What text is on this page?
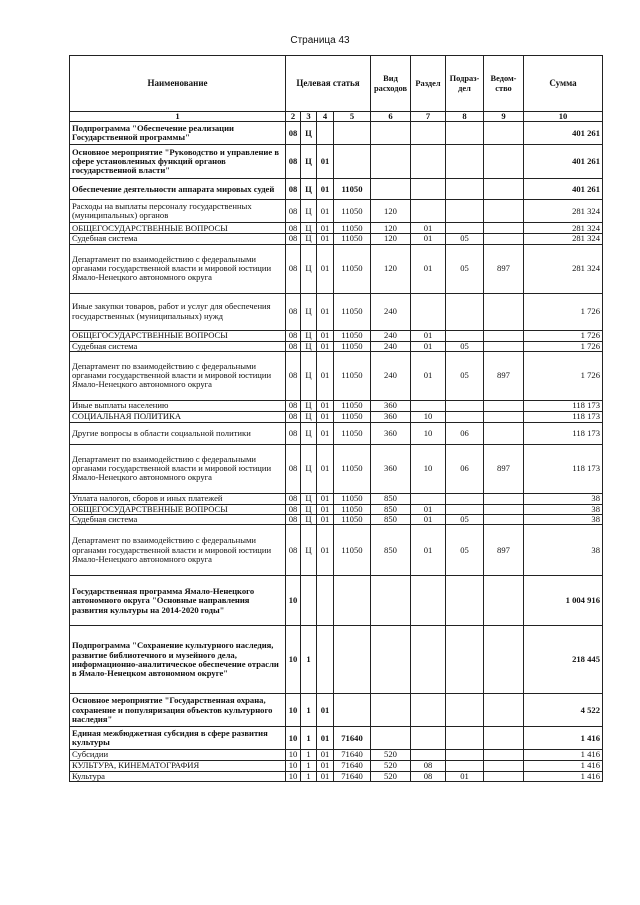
Страница 43
Наименование	Целевая статья				Вид расходов	Раздел	Подраз-дел	Ведом-ство	Сумма
1	2	3	4	5	6	7	8	9	10
Подпрограмма "Обеспечение реализации Государственной программы"	08	Ц							401 261
Основное мероприятие "Руководство и управление в сфере установленных функций органов государственной власти"	08	Ц	01						401 261
Обеспечение деятельности аппарата мировых судей	08	Ц	01	11050					401 261
Расходы на выплаты персоналу государственных (муниципальных) органов	08	Ц	01	11050	120				281 324
ОБЩЕГОСУДАРСТВЕННЫЕ ВОПРОСЫ	08	Ц	01	11050	120	01			281 324
Судебная система	08	Ц	01	11050	120	01	05		281 324
Департамент по взаимодействию с федеральными органами государственной власти и мировой юстиции Ямало-Ненецкого автономного округа	08	Ц	01	11050	120	01	05	897	281 324
Иные закупки товаров, работ и услуг для обеспечения государственных (муниципальных) нужд	08	Ц	01	11050	240				1 726
ОБЩЕГОСУДАРСТВЕННЫЕ ВОПРОСЫ	08	Ц	01	11050	240	01			1 726
Судебная система	08	Ц	01	11050	240	01	05		1 726
Департамент по взаимодействию с федеральными органами государственной власти и мировой юстиции Ямало-Ненецкого автономного округа	08	Ц	01	11050	240	01	05	897	1 726
Иные выплаты населению	08	Ц	01	11050	360				118 173
СОЦИАЛЬНАЯ ПОЛИТИКА	08	Ц	01	11050	360	10			118 173
Другие вопросы в области социальной политики	08	Ц	01	11050	360	10	06		118 173
Департамент по взаимодействию с федеральными органами государственной власти и мировой юстиции Ямало-Ненецкого автономного округа	08	Ц	01	11050	360	10	06	897	118 173
Уплата налогов, сборов и иных платежей	08	Ц	01	11050	850				38
ОБЩЕГОСУДАРСТВЕННЫЕ ВОПРОСЫ	08	Ц	01	11050	850	01			38
Судебная система	08	Ц	01	11050	850	01	05		38
Департамент по взаимодействию с федеральными органами государственной власти и мировой юстиции Ямало-Ненецкого автономного округа	08	Ц	01	11050	850	01	05	897	38
Государственная программа Ямало-Ненецкого автономного округа "Основные направления развития культуры на 2014-2020 годы"	10								1 004 916
Подпрограмма "Сохранение культурного наследия, развитие библиотечного и музейного дела, информационно-аналитическое обеспечение отрасли в Ямало-Ненецком автономном округе"	10	1							218 445
Основное мероприятие "Государственная охрана, сохранение и популяризация объектов культурного наследия"	10	1	01						4 522
Единая межбюджетная субсидия в сфере развития культуры	10	1	01	71640					1 416
Субсидии	10	1	01	71640	520				1 416
КУЛЬТУРА, КИНЕМАТОГРАФИЯ	10	1	01	71640	520	08			1 416
Культура	10	1	01	71640	520	08	01		1 416
